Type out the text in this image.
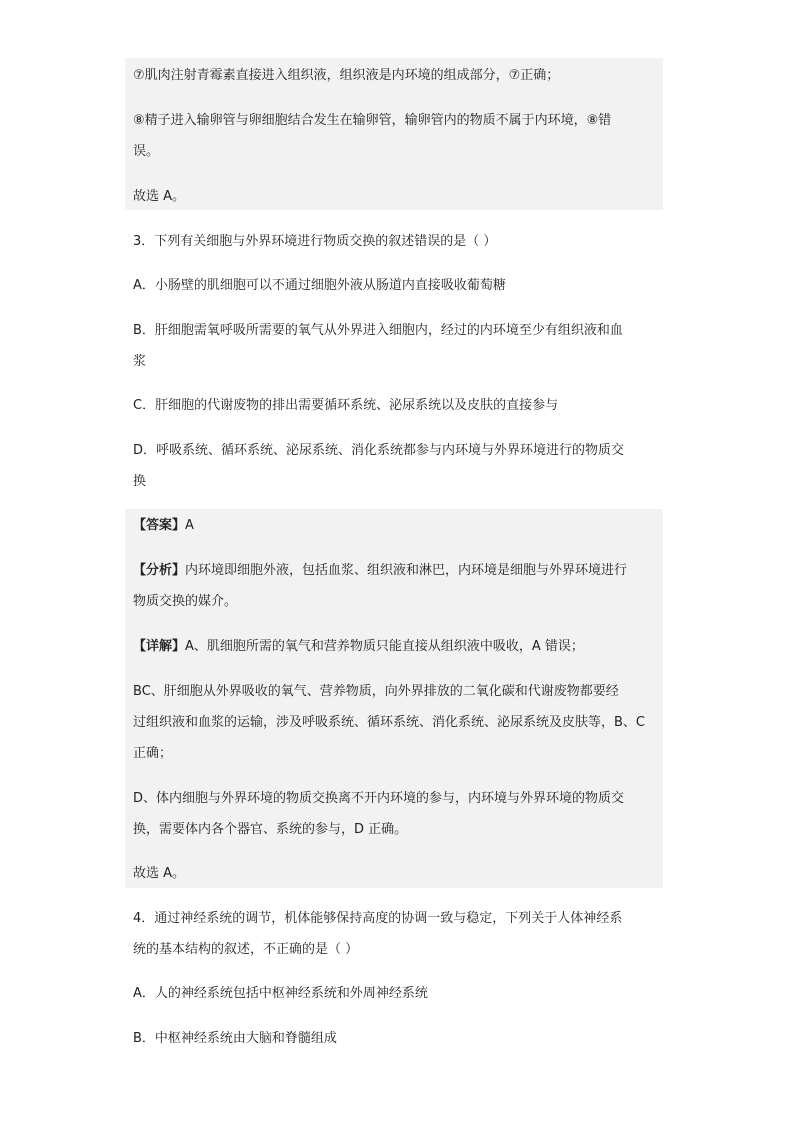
⑦肌肉注射青霉素直接进入组织液，组织液是内环境的组成部分，⑦正确；
⑧精子进入输卵管与卵细胞结合发生在输卵管，输卵管内的物质不属于内环境，⑧错
误。
故选 A。
3．下列有关细胞与外界环境进行物质交换的叙述错误的是（ ）
A．小肠壁的肌细胞可以不通过细胞外液从肠道内直接吸收葡萄糖
B．肝细胞需氧呼吸所需要的氧气从外界进入细胞内，经过的内环境至少有组织液和血
浆
C．肝细胞的代谢废物的排出需要循环系统、泌尿系统以及皮肤的直接参与
D．呼吸系统、循环系统、泌尿系统、消化系统都参与内环境与外界环境进行的物质交
换
【答案】A
【分析】内环境即细胞外液，包括血浆、组织液和淋巴，内环境是细胞与外界环境进行
物质交换的媒介。
【详解】A、肌细胞所需的氧气和营养物质只能直接从组织液中吸收，A 错误；
BC、肝细胞从外界吸收的氧气、营养物质，向外界排放的二氧化碳和代谢废物都要经
过组织液和血浆的运输，涉及呼吸系统、循环系统、消化系统、泌尿系统及皮肤等，B、C
正确；
D、体内细胞与外界环境的物质交换离不开内环境的参与，内环境与外界环境的物质交
换，需要体内各个器官、系统的参与，D 正确。
故选 A。
4．通过神经系统的调节，机体能够保持高度的协调一致与稳定，下列关于人体神经系
统的基本结构的叙述，不正确的是（ ）
A．人的神经系统包括中枢神经系统和外周神经系统
B．中枢神经系统由大脑和脊髓组成
